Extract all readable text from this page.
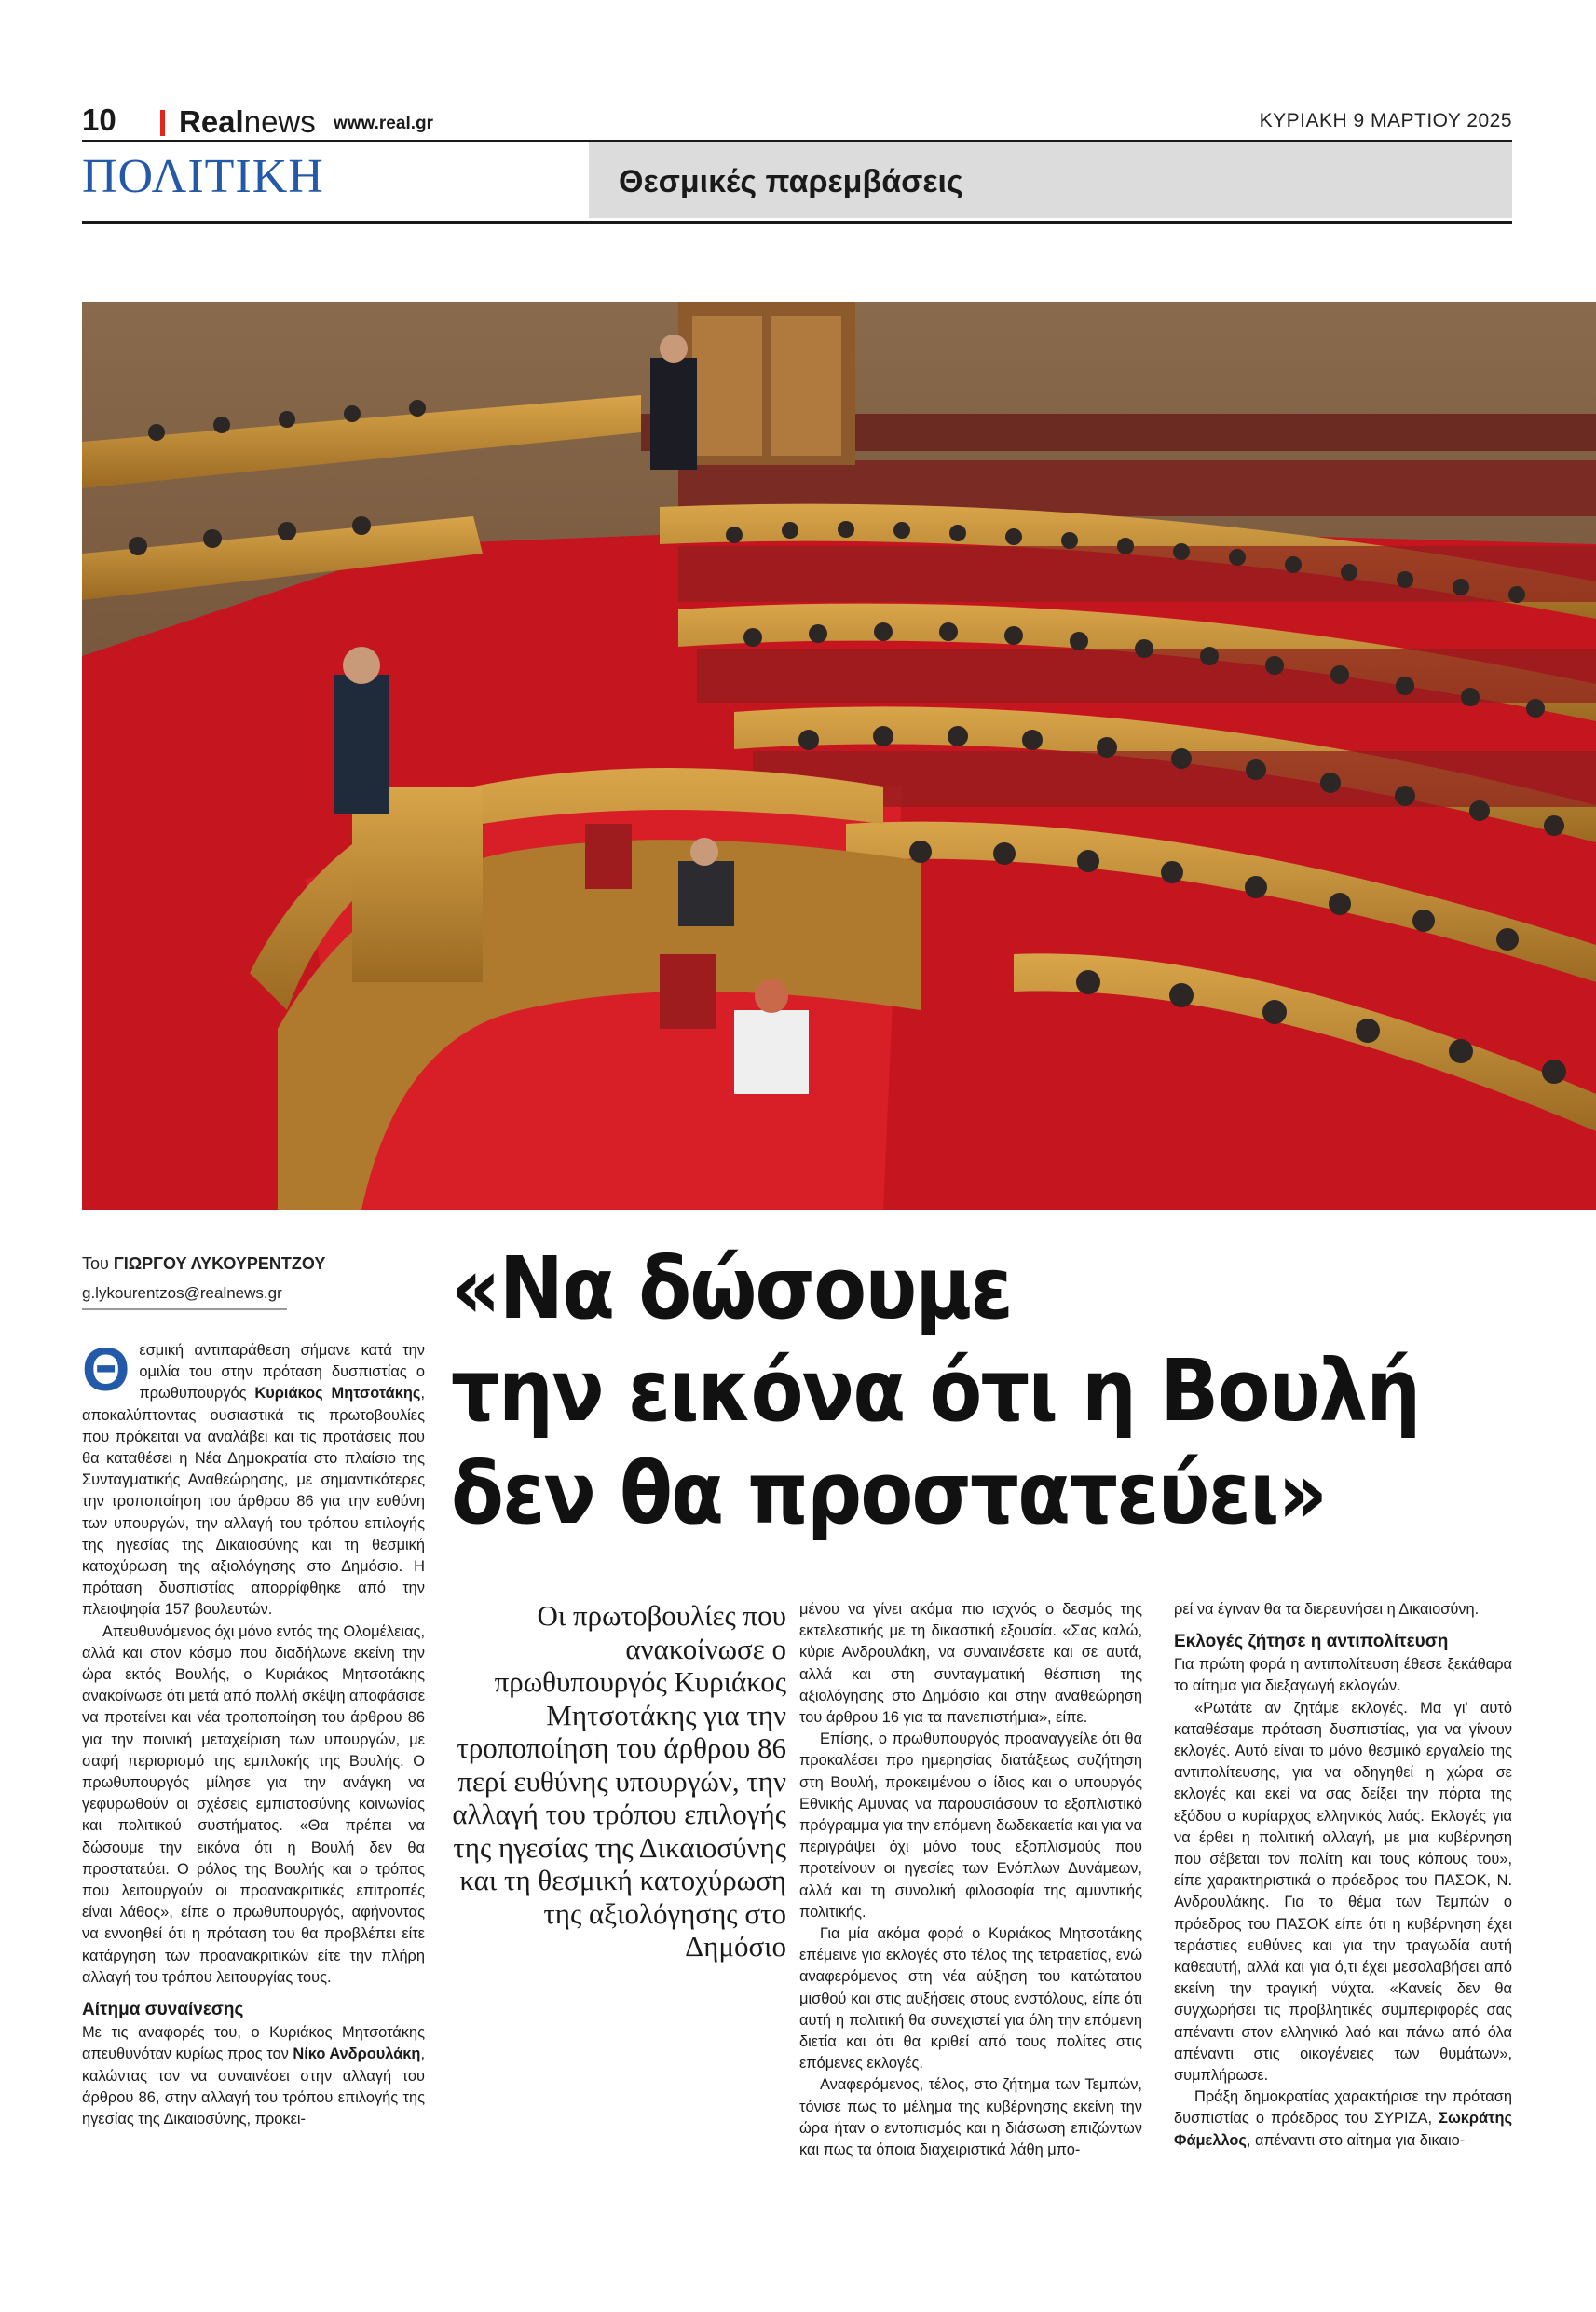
10 Realnews www.real.gr	ΚΥΡΙΑΚΗ 9 ΜΑΡΤΙΟΥ 2025
ΠΟΛΙΤΙΚΗ	Θεσμικές παρεμβάσεις
Του ΓΙΩΡΓΟΥ ΛΥΚΟΥΡΕΝΤΖΟΥ
g.lykourentzos@realnews.gr «Να δώσουμε
την εικόνα ότι η Βουλή
δεν θα προστατεύει»

Θεσμική αντιπαράθεση σήμανε κατά την ομιλία του στην πρόταση δυσπιστίας ο πρωθυπουργός Κυριάκος Μητσοτάκης, αποκαλύπτοντας ουσιαστικά τις πρωτοβουλίες που πρόκειται να αναλάβει και τις προτάσεις που θα καταθέσει η Νέα Δημοκρατία στο πλαίσιο της Συνταγματικής Αναθεώρησης, με σημαντικότερες την τροποποίηση του άρθρου 86 για την ευθύνη των υπουργών, την αλλαγή του τρόπου επιλογής της ηγεσίας της Δικαιοσύνης και τη θεσμική κατοχύρωση της αξιολόγησης στο Δημόσιο. Η πρόταση δυσπιστίας απορρίφθηκε από την πλειοψηφία 157 βουλευτών.

Απευθυνόμενος όχι μόνο εντός της Ολομέλειας, αλλά και στον κόσμο που διαδήλωνε εκείνη την ώρα εκτός Βουλής, ο Κυριάκος Μητσοτάκης ανακοίνωσε ότι μετά από πολλή σκέψη αποφάσισε να προτείνει και νέα τροποποίηση του άρθρου 86 για την ποινική μεταχείριση των υπουργών, με σαφή περιορισμό της εμπλοκής της Βουλής. Ο πρωθυπουργός μίλησε για την ανάγκη να γεφυρωθούν οι σχέσεις εμπιστοσύνης κοινωνίας και πολιτικού συστήματος. «Θα πρέπει να δώσουμε την εικόνα ότι η Βουλή δεν θα προστατεύει. Ο ρόλος της Βουλής και ο τρόπος που λειτουργούν οι προανακριτικές επιτροπές είναι λάθος», είπε ο πρωθυπουργός, αφήνοντας να εννοηθεί ότι η πρόταση του θα προβλέπει είτε κατάργηση των προανακριτικών είτε την πλήρη αλλαγή του τρόπου λειτουργίας τους.

Αίτημα συναίνεσης

Με τις αναφορές του, ο Κυριάκος Μητσοτάκης απευθυνόταν κυρίως προς τον Νίκο Ανδρουλάκη, καλώντας τον να συναινέσει στην αλλαγή του άρθρου 86, στην αλλαγή του τρόπου επιλογής της ηγεσίας της Δικαιοσύνης, προκει-

Οι πρωτοβουλίες που ανακοίνωσε ο πρωθυπουργός Κυριάκος Μητσοτάκης για την τροποποίηση του άρθρου 86 περί ευθύνης υπουργών, την αλλαγή του τρόπου επιλογής της ηγεσίας της Δικαιοσύνης και τη θεσμική κατοχύρωση της αξιολόγησης στο Δημόσιο

μένου να γίνει ακόμα πιο ισχνός ο δεσμός της εκτελεστικής με τη δικαστική εξουσία. «Σας καλώ, κύριε Ανδρουλάκη, να συναινέσετε και σε αυτά, αλλά και στη συνταγματική θέσπιση της αξιολόγησης στο Δημόσιο και στην αναθεώρηση του άρθρου 16 για τα πανεπιστήμια», είπε.

Επίσης, ο πρωθυπουργός προαναγγείλε ότι θα προκαλέσει προ ημερησίας διατάξεως συζήτηση στη Βουλή, προκειμένου ο ίδιος και ο υπουργός Εθνικής Αμυνας να παρουσιάσουν το εξοπλιστικό πρόγραμμα για την επόμενη δωδεκαετία και για να περιγράψει όχι μόνο τους εξοπλισμούς που προτείνουν οι ηγεσίες των Ενόπλων Δυνάμεων, αλλά και τη συνολική φιλοσοφία της αμυντικής πολιτικής.

Για μία ακόμα φορά ο Κυριάκος Μητσοτάκης επέμεινε για εκλογές στο τέλος της τετραετίας, ενώ αναφερόμενος στη νέα αύξηση του κατώτατου μισθού και στις αυξήσεις στους ενστόλους, είπε ότι αυτή η πολιτική θα συνεχιστεί για όλη την επόμενη διετία και ότι θα κριθεί από τους πολίτες στις επόμενες εκλογές.

Αναφερόμενος, τέλος, στο ζήτημα των Τεμπών, τόνισε πως το μέλημα της κυβέρνησης εκείνη την ώρα ήταν ο εντοπισμός και η διάσωση επιζώντων και πως τα όποια διαχειριστικά λάθη μπο-

ρεί να έγιναν θα τα διερευνήσει η Δικαιοσύνη.

Εκλογές ζήτησε η αντιπολίτευση

Για πρώτη φορά η αντιπολίτευση έθεσε ξεκάθαρα το αίτημα για διεξαγωγή εκλογών.

«Ρωτάτε αν ζητάμε εκλογές. Μα γι' αυτό καταθέσαμε πρόταση δυσπιστίας, για να γίνουν εκλογές. Αυτό είναι το μόνο θεσμικό εργαλείο της αντιπολίτευσης, για να οδηγηθεί η χώρα σε εκλογές και εκεί να σας δείξει την πόρτα της εξόδου ο κυρίαρχος ελληνικός λαός. Εκλογές για να έρθει η πολιτική αλλαγή, με μια κυβέρνηση που σέβεται τον πολίτη και τους κόπους του», είπε χαρακτηριστικά ο πρόεδρος του ΠΑΣΟΚ, Ν. Ανδρουλάκης. Για το θέμα των Τεμπών ο πρόεδρος του ΠΑΣΟΚ είπε ότι η κυβέρνηση έχει τεράστιες ευθύνες και για την τραγωδία αυτή καθεαυτή, αλλά και για ό,τι έχει μεσολαβήσει από εκείνη την τραγική νύχτα. «Κανείς δεν θα συγχωρήσει τις προβλητικές συμπεριφορές σας απέναντι στον ελληνικό λαό και πάνω από όλα απέναντι στις οικογένειες των θυμάτων», συμπλήρωσε.

Πράξη δημοκρατίας χαρακτήρισε την πρόταση δυσπιστίας ο πρόεδρος του ΣΥΡΙΖΑ, Σωκράτης Φάμελλος, απέναντι στο αίτημα για δικαιο-
